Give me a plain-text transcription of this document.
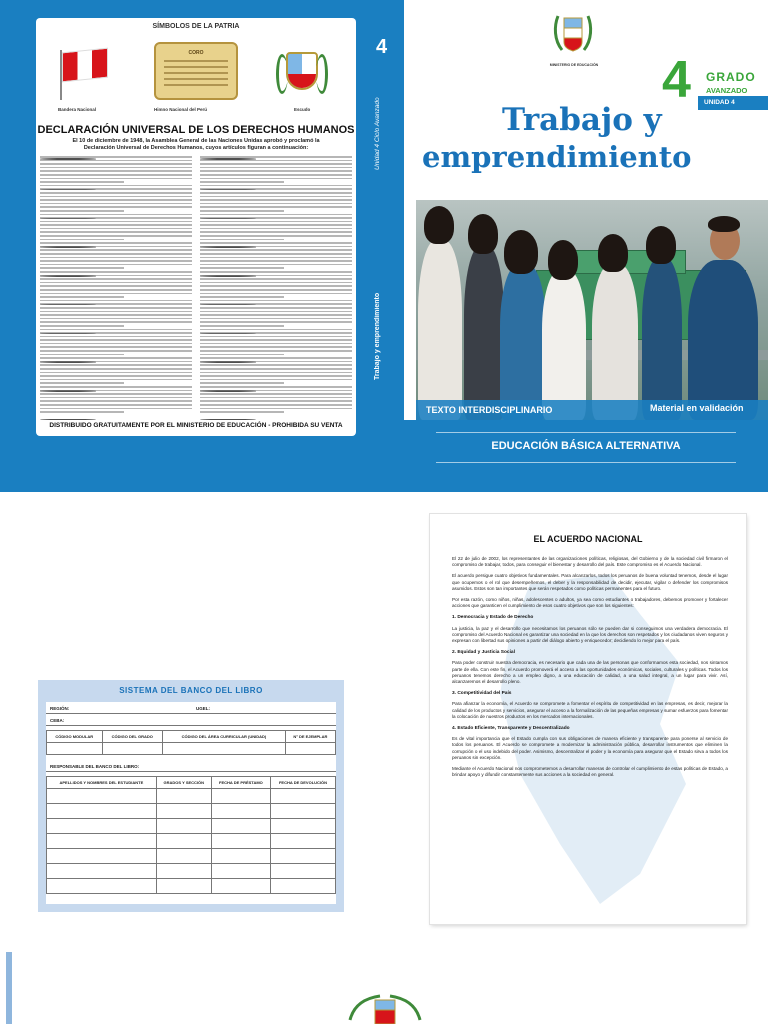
SÍMBOLOS DE LA PATRIA
CORO
Bandera Nacional	Himno Nacional del Perú	Escudo
DECLARACIÓN UNIVERSAL DE LOS DERECHOS HUMANOS
El 10 de diciembre de 1948, la Asamblea General de las Naciones Unidas aprobó y proclamó la Declaración Universal de Derechos Humanos, cuyos artículos figuran a continuación:
DISTRIBUIDO GRATUITAMENTE POR EL MINISTERIO DE EDUCACIÓN - PROHIBIDA SU VENTA
4
Unidad 4 Ciclo Avanzado
Trabajo y emprendimiento
MINISTERIO DE EDUCACIÓN	4 GRADO
AVANZADO
UNIDAD 4
Trabajo y
emprendimiento
TEXTO INTERDISCIPLINARIO	Material en validación
EDUCACIÓN BÁSICA ALTERNATIVA
SISTEMA DEL BANCO DEL LIBRO
REGIÓN:	UGEL:
CEBA:
CÓDIGO MODULAR	CÓDIGO DEL GRADO	CÓDIGO DEL ÁREA CURRICULAR (UNIDAD)	N° DE EJEMPLAR

RESPONSABLE DEL BANCO DEL LIBRO:
APELLIDOS Y NOMBRES DEL ESTUDIANTE	GRADOS Y SECCIÓN	FECHA DE PRÉSTAMO	FECHA DE DEVOLUCIÓN

EL ACUERDO NACIONAL

El 22 de julio de 2002, los representantes de las organizaciones políticas, religiosas, del Gobierno y de la sociedad civil firmaron el compromiso de trabajar, todos, para conseguir el bienestar y desarrollo del país. Este compromiso es el Acuerdo Nacional.

El acuerdo persigue cuatro objetivos fundamentales. Para alcanzarlos, todos los peruanos de buena voluntad tenemos, desde el lugar que ocupemos o el rol que desempeñemos, el deber y la responsabilidad de decidir, ejecutar, vigilar o defender los compromisos asumidos. Estos son tan importantes que serán respetados como políticas permanentes para el futuro.

Por esta razón, como niños, niñas, adolescentes o adultos, ya sea como estudiantes o trabajadores, debemos promover y fortalecer acciones que garanticen el cumplimiento de esos cuatro objetivos que son los siguientes:

1. Democracia y Estado de Derecho

La justicia, la paz y el desarrollo que necesitamos los peruanos sólo se pueden dar si conseguimos una verdadera democracia. El compromiso del Acuerdo Nacional es garantizar una sociedad en la que los derechos son respetados y los ciudadanos viven seguros y expresan con libertad sus opiniones a partir del diálogo abierto y enriquecedor; decidiendo lo mejor para el país.

2. Equidad y Justicia Social

Para poder construir nuestra democracia, es necesario que cada una de las personas que conformamos esta sociedad, nos sintamos parte de ella. Con este fin, el Acuerdo promoverá el acceso a las oportunidades económicas, sociales, culturales y políticas. Todos los peruanos tenemos derecho a un empleo digno, a una educación de calidad, a una salud integral, a un lugar para vivir. Así, alcanzaremos el desarrollo pleno.

3. Competitividad del País

Para afianzar la economía, el Acuerdo se compromete a fomentar el espíritu de competitividad en las empresas, es decir, mejorar la calidad de los productos y servicios, asegurar el acceso a la formalización de las pequeñas empresas y sumar esfuerzos para fomentar la colocación de nuestros productos en los mercados internacionales.

4. Estado Eficiente, Transparente y Descentralizado

Es de vital importancia que el Estado cumpla con sus obligaciones de manera eficiente y transparente para ponerse al servicio de todos los peruanos. El Acuerdo se compromete a modernizar la administración pública, desarrollar instrumentos que eliminen la corrupción o el uso indebido del poder. Asimismo, descentralizar el poder y la economía para asegurar que el Estado sirva a todos los peruanos sin excepción.

Mediante el Acuerdo Nacional nos comprometemos a desarrollar maneras de controlar el cumplimiento de estas políticas de Estado, a brindar apoyo y difundir constantemente sus acciones a la sociedad en general.
